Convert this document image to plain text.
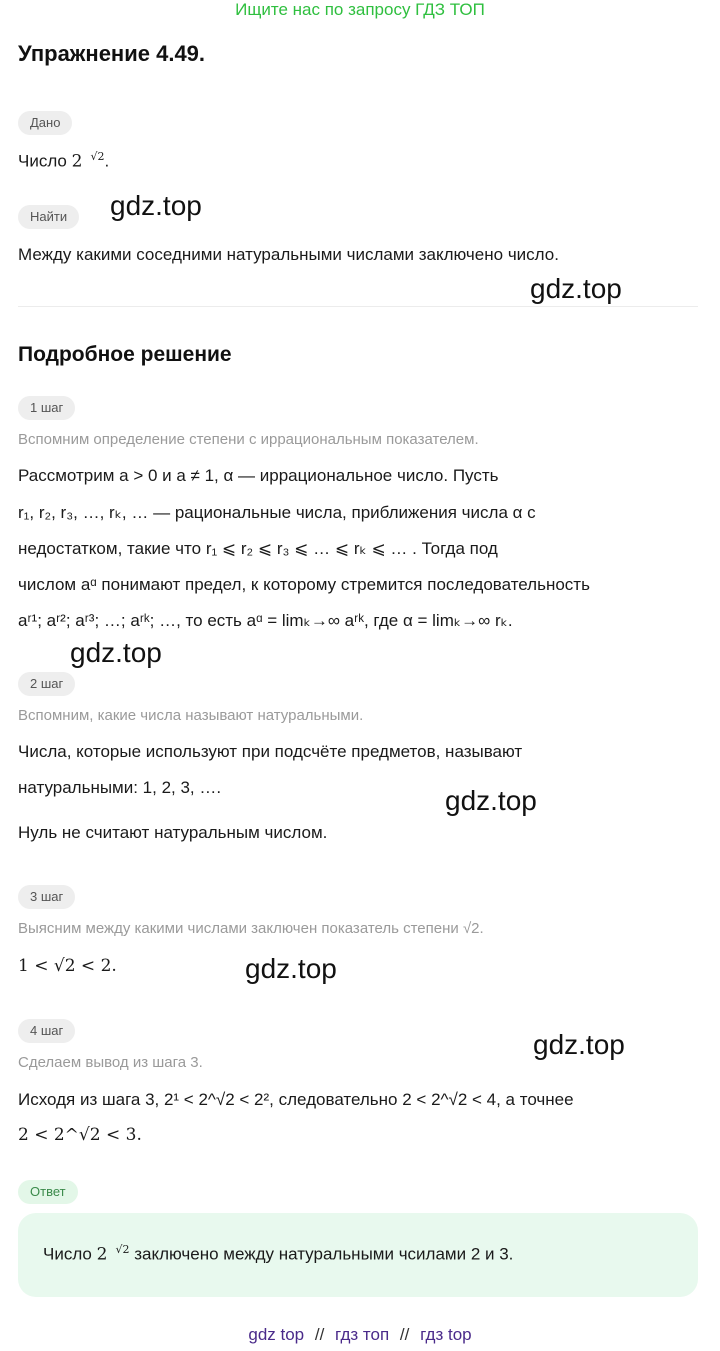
Ищите нас по запросу ГДЗ ТОП
Упражнение 4.49.
Дано
Число 2 $^{√2}$.
Найти	gdz.top
Между какими соседними натуральными числами заключено число.
gdz.top
Подробное решение
1 шаг
Вспомним определение степени с иррациональным показателем.
Рассмотрим a > 0 и a ≠ 1, α — иррациональное число. Пусть
r₁, r₂, r₃, …, rₖ, … — рациональные числа, приближения числа α с
недостатком, такие что r₁ ⩽ r₂ ⩽ r₃ ⩽ … ⩽ rₖ ⩽ … . Тогда под
числом aᵅ понимают предел, к которому стремится последовательность
aʳ¹; aʳ²; aʳ³; …; aʳᵏ; …, то есть aᵅ = limₖ→∞ aʳᵏ, где α = limₖ→∞ rₖ.
gdz.top
2 шаг
Вспомним, какие числа называют натуральными.
Числа, которые используют при подсчёте предметов, называют
натуральными: 1, 2, 3, ….	gdz.top
Нуль не считают натуральным числом.
3 шаг
Выясним между какими числами заключен показатель степени √2.
1 < √2 < 2.	gdz.top
4 шаг	gdz.top
Сделаем вывод из шага 3.
Исходя из шага 3, 2¹ < 2^√2 < 2², следовательно 2 < 2^√2 < 4, а точнее
2 < 2^√2 < 3.
Ответ
Число 2 $^{√2}$ заключено между натуральными чсилами 2 и 3.
gdz top // гдз топ // гдз top
